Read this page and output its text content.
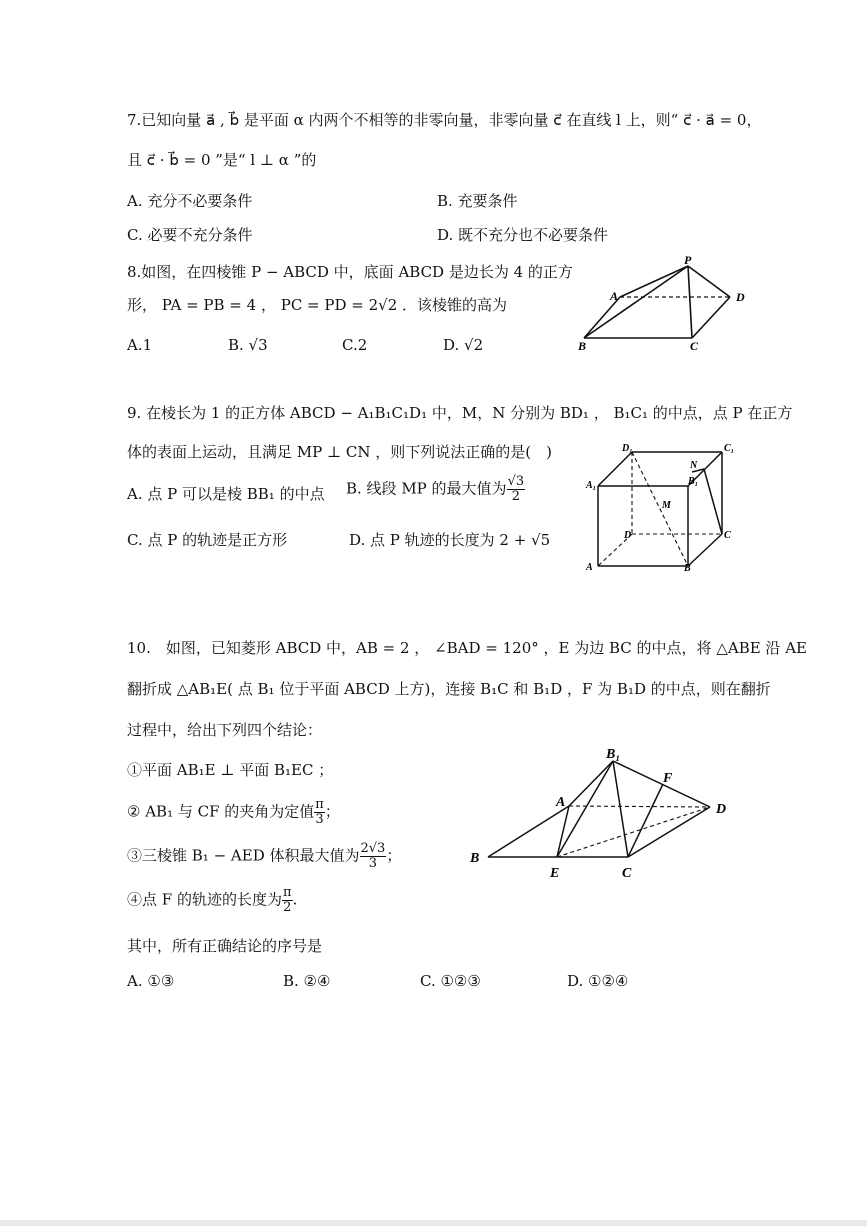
7.已知向量 a⃗ , b⃗ 是平面 α 内两个不相等的非零向量，非零向量 c⃗ 在直线 l 上，则“ c⃗ · a⃗ = 0，
且 c⃗ · b⃗ = 0 ”是“ l ⊥ α ”的
A. 充分不必要条件	B. 充要条件
C. 必要不充分条件	D. 既不充分也不必要条件
8.如图，在四棱锥 P − ABCD 中，底面 ABCD 是边长为 4 的正方
形， PA = PB = 4 ， PC = PD = 2√2 ．该棱锥的高为
A.1	B. √3	C.2	D. √2
P
A	D
B	C
9. 在棱长为 1 的正方体 ABCD − A₁B₁C₁D₁ 中，M，N 分别为 BD₁ ， B₁C₁ 的中点，点 P 在正方
体的表面上运动，且满足 MP ⊥ CN ，则下列说法正确的是(　)
A. 点 P 可以是棱 BB₁ 的中点 B. 线段 MP 的最大值为 $\frac{√3}{2}$
C. 点 P 的轨迹是正方形	D. 点 P 轨迹的长度为 2 + √5
D₁	C₁
N
A₁	B₁
M
D	C
A	B
10.　如图，已知菱形 ABCD 中，AB = 2 ， ∠BAD = 120° ，E 为边 BC 的中点，将 △ABE 沿 AE
翻折成 △AB₁E( 点 B₁ 位于平面 ABCD 上方)，连接 B₁C 和 B₁D ，F 为 B₁D 的中点，则在翻折
过程中，给出下列四个结论：
①平面 AB₁E ⊥ 平面 B₁EC ；
② AB₁ 与 CF 的夹角为定值 $\frac{\pi}{3}$ ；
③三棱锥 B₁ − AED 体积最大值为 $\frac{2√3}{3}$ ；
④点 F 的轨迹的长度为 $\frac{\pi}{2}$ .
其中，所有正确结论的序号是
A. ①③	B. ②④	C. ①②③	D. ①②④
B₁
F
A	D
B
E	C
